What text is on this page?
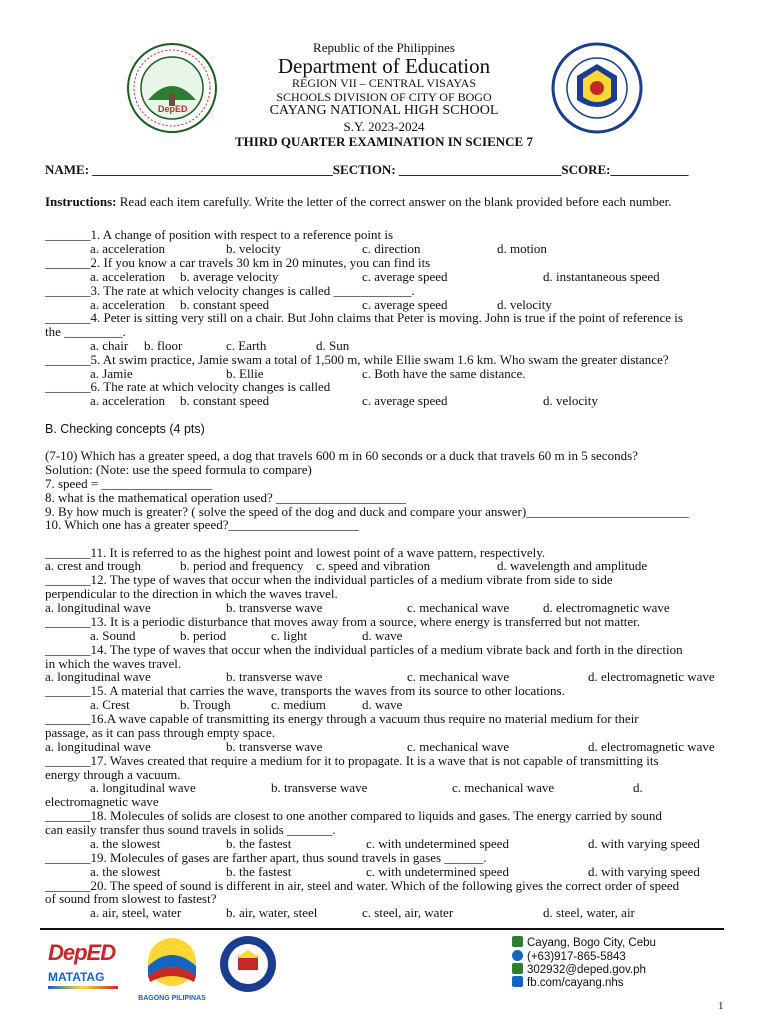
DepED
Republic of the Philippines
Department of Education
REGION VII – CENTRAL VISAYAS
SCHOOLS DIVISION OF CITY OF BOGO
CAYANG NATIONAL HIGH SCHOOL
S.Y. 2023-2024
THIRD QUARTER EXAMINATION IN SCIENCE 7
NAME: _____________________________________SECTION: _________________________SCORE:____________
Instructions: Read each item carefully. Write the letter of the correct answer on the blank provided before each number.
_______1. A change of position with respect to a reference point is
a. acceleration	b. velocity	c. direction	d. motion
_______2. If you know a car travels 30 km in 20 minutes, you can find its
a. acceleration b. average velocity	c. average speed	d. instantaneous speed
_______3. The rate at which velocity changes is called ____________.
a. acceleration b. constant speed	c. average speed	d. velocity
_______4. Peter is sitting very still on a chair. But John claims that Peter is moving. John is true if the point of reference is
the _________.
a. chair b. floor	c. Earth	d. Sun
_______5. At swim practice, Jamie swam a total of 1,500 m, while Ellie swam 1.6 km. Who swam the greater distance?
a. Jamie	b. Ellie	c. Both have the same distance.
_______6. The rate at which velocity changes is called
a. acceleration b. constant speed	c. average speed	d. velocity
B. Checking concepts (4 pts)
(7-10) Which has a greater speed, a dog that travels 600 m in 60 seconds or a duck that travels 60 m in 5 seconds?
Solution: (Note: use the speed formula to compare)
7. speed = _________________
8. what is the mathematical operation used? ____________________
9. By how much is greater? ( solve the speed of the dog and duck and compare your answer)_________________________
10. Which one has a greater speed?____________________
_______11. It is referred to as the highest point and lowest point of a wave pattern, respectively.
a. crest and trough	b. period and frequency c. speed and vibration	d. wavelength and amplitude
_______12. The type of waves that occur when the individual particles of a medium vibrate from side to side
perpendicular to the direction in which the waves travel.
a. longitudinal wave	b. transverse wave	c. mechanical wave	d. electromagnetic wave
_______13. It is a periodic disturbance that moves away from a source, where energy is transferred but not matter.
a. Sound	b. period	c. light	d. wave
_______14. The type of waves that occur when the individual particles of a medium vibrate back and forth in the direction
in which the waves travel.
a. longitudinal wave	b. transverse wave	c. mechanical wave	d. electromagnetic wave
_______15. A material that carries the wave, transports the waves from its source to other locations.
a. Crest	b. Trough	c. medium	d. wave
_______16.A wave capable of transmitting its energy through a vacuum thus require no material medium for their
passage, as it can pass through empty space.
a. longitudinal wave	b. transverse wave	c. mechanical wave	d. electromagnetic wave
_______17. Waves created that require a medium for it to propagate. It is a wave that is not capable of transmitting its
energy through a vacuum.
a. longitudinal wave	b. transverse wave	c. mechanical wave	d.
electromagnetic wave
_______18. Molecules of solids are closest to one another compared to liquids and gases. The energy carried by sound
can easily transfer thus sound travels in solids _______.
a. the slowest	b. the fastest	c. with undetermined speed	d. with varying speed
_______19. Molecules of gases are farther apart, thus sound travels in gases ______.
a. the slowest	b. the fastest	c. with undetermined speed	d. with varying speed
_______20. The speed of sound is different in air, steel and water. Which of the following gives the correct order of speed
of sound from slowest to fastest?
a. air, steel, water	b. air, water, steel	c. steel, air, water	d. steel, water, air
DepED
MATATAG
BAGONG PILIPINAS
Cayang, Bogo City, Cebu
(+63)917-865-5843
302932@deped.gov.ph
fb.com/cayang.nhs
1
